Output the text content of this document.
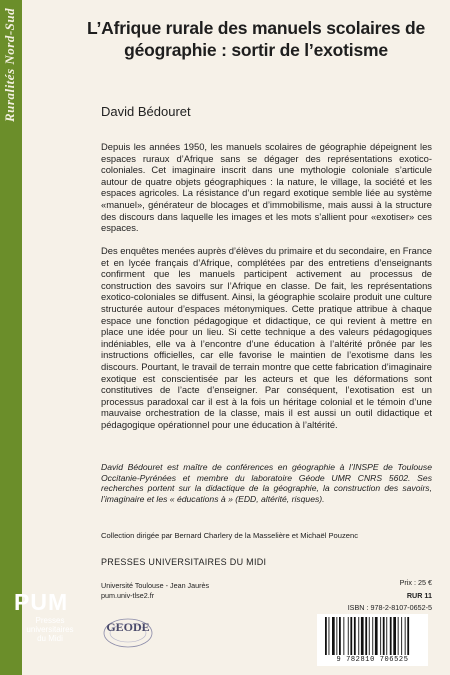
Ruralités Nord-Sud
PUM
Presses
universitaires
du Midi
L’Afrique rurale des manuels scolaires de
géographie : sortir de l’exotisme
David Bédouret
Depuis les années 1950, les manuels scolaires de géographie dépeignent les espaces ruraux d’Afrique sans se dégager des représentations exotico-coloniales. Cet imaginaire inscrit dans une mythologie coloniale s’articule autour de quatre objets géographiques : la nature, le village, la société et les espaces agricoles. La résistance d’un regard exotique semble liée au système «manuel», générateur de blocages et d’immobilisme, mais aussi à la structure des discours dans laquelle les images et les mots s’allient pour «exotiser» ces espaces.
Des enquêtes menées auprès d’élèves du primaire et du secondaire, en France et en lycée français d’Afrique, complétées par des entretiens d’enseignants confirment que les manuels participent activement au processus de construction des savoirs sur l’Afrique en classe. De fait, les représentations exotico-coloniales se diffusent. Ainsi, la géographie scolaire produit une culture structurée autour d’espaces métonymiques. Cette pratique attribue à chaque espace une fonction pédagogique et didactique, ce qui revient à mettre en place une idée pour un lieu. Si cette technique a des valeurs pédagogiques indéniables, elle va à l’encontre d’une éducation à l’altérité prônée par les instructions officielles, car elle favorise le maintien de l’exotisme dans les discours. Pourtant, le travail de terrain montre que cette fabrication d’imaginaire exotique est conscientisée par les acteurs et que les déformations sont constitutives de l’acte d’enseigner. Par conséquent, l’exotisation est un processus paradoxal car il est à la fois un héritage colonial et le témoin d’une mauvaise orchestration de la classe, mais il est aussi un outil didactique et pédagogique opérationnel pour une éducation à l’altérité.
David Bédouret est maître de conférences en géographie à l’INSPE de Toulouse Occitanie-Pyrénées et membre du laboratoire Géode UMR CNRS 5602. Ses recherches portent sur la didactique de la géographie, la construction des savoirs, l’imaginaire et les « éducations à » (EDD, altérité, risques).
Collection dirigée par Bernard Charlery de la Masselière et Michaël Pouzenc
PRESSES UNIVERSITAIRES DU MIDI
Université Toulouse - Jean Jaurès
pum.univ-tlse2.fr
GEODE
Prix : 25 €
RUR 11
ISBN : 978-2-8107-0652-5
9 782810 706525
